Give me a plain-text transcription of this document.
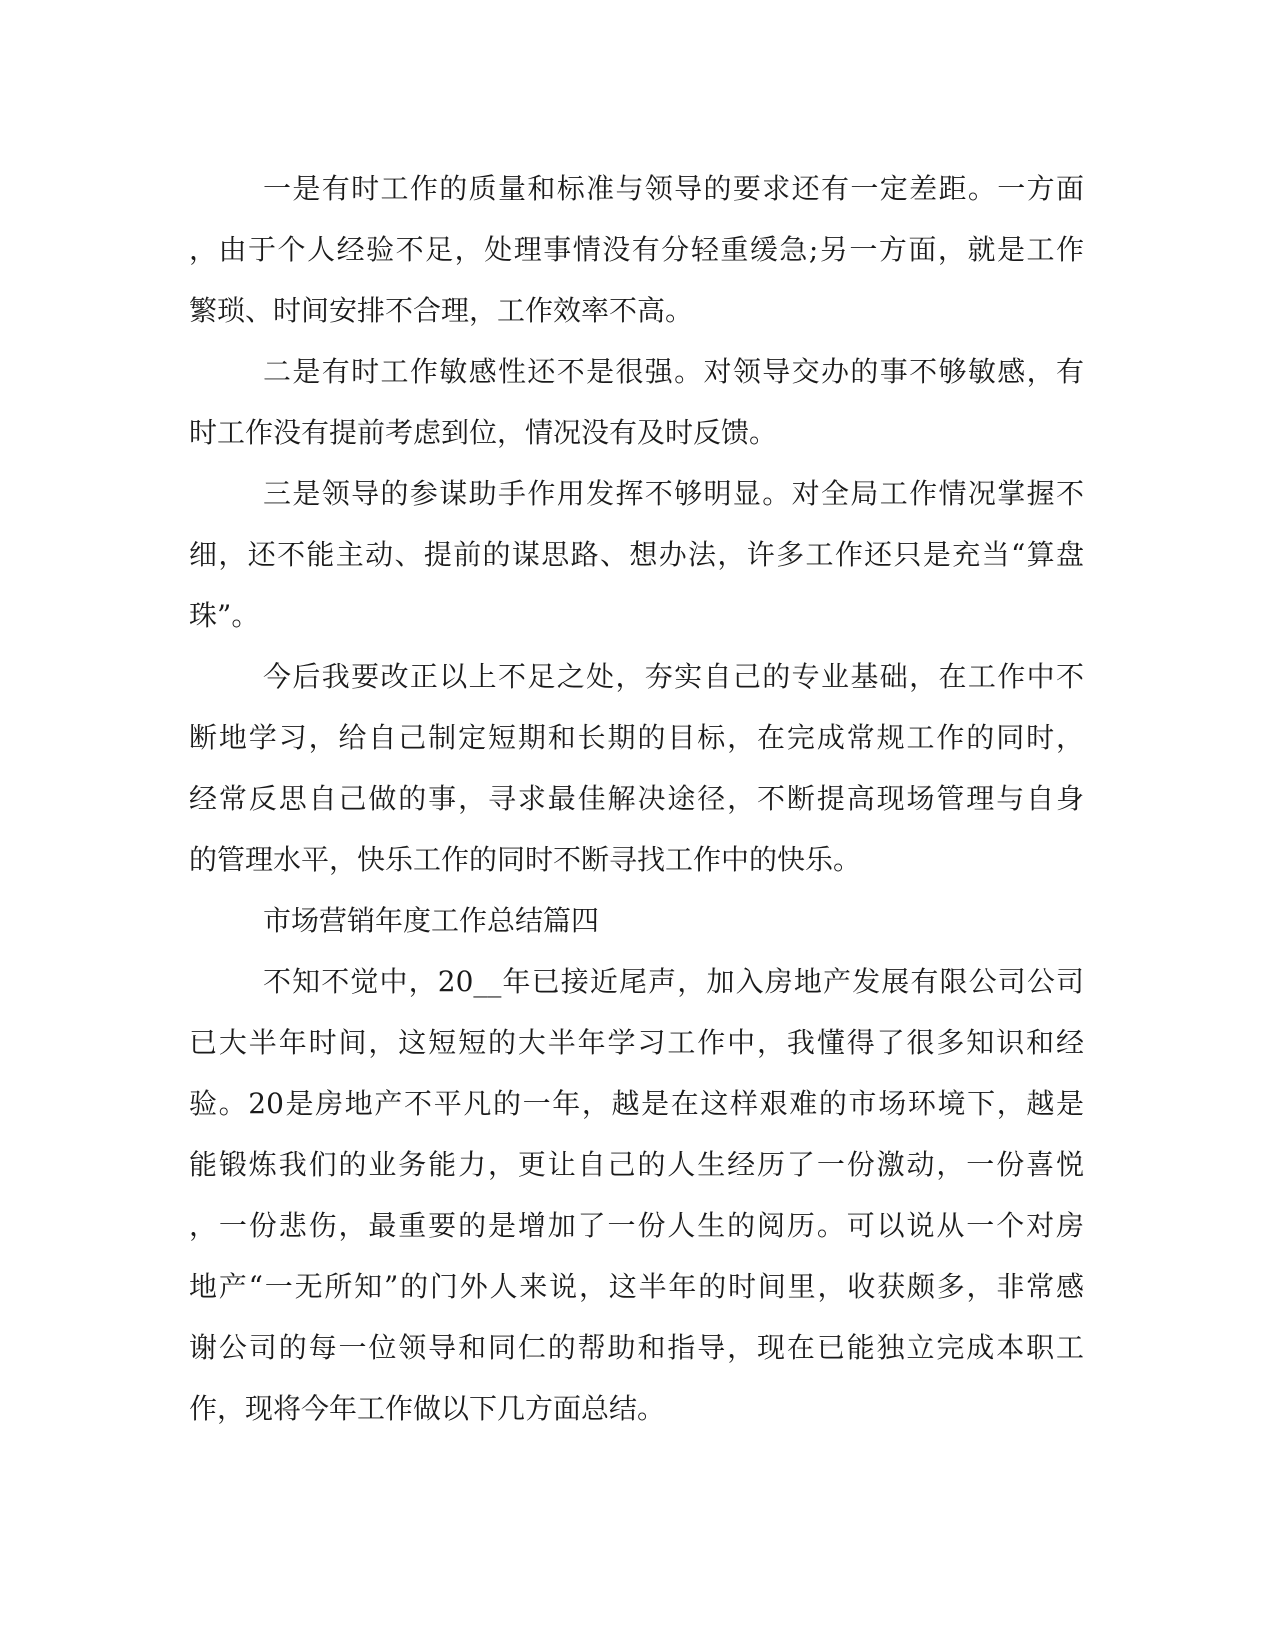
一是有时工作的质量和标准与领导的要求还有一定差距。一方面
，由于个人经验不足，处理事情没有分轻重缓急;另一方面，就是工作
繁琐、时间安排不合理，工作效率不高。
二是有时工作敏感性还不是很强。对领导交办的事不够敏感，有
时工作没有提前考虑到位，情况没有及时反馈。
三是领导的参谋助手作用发挥不够明显。对全局工作情况掌握不
细，还不能主动、提前的谋思路、想办法，许多工作还只是充当“算盘
珠”。
今后我要改正以上不足之处，夯实自己的专业基础，在工作中不
断地学习，给自己制定短期和长期的目标，在完成常规工作的同时，
经常反思自己做的事，寻求最佳解决途径，不断提高现场管理与自身
的管理水平，快乐工作的同时不断寻找工作中的快乐。
市场营销年度工作总结篇四
不知不觉中，20__年已接近尾声，加入房地产发展有限公司公司
已大半年时间，这短短的大半年学习工作中，我懂得了很多知识和经
验。20是房地产不平凡的一年，越是在这样艰难的市场环境下，越是
能锻炼我们的业务能力，更让自己的人生经历了一份激动，一份喜悦
，一份悲伤，最重要的是增加了一份人生的阅历。可以说从一个对房
地产“一无所知”的门外人来说，这半年的时间里，收获颇多，非常感
谢公司的每一位领导和同仁的帮助和指导，现在已能独立完成本职工
作，现将今年工作做以下几方面总结。
